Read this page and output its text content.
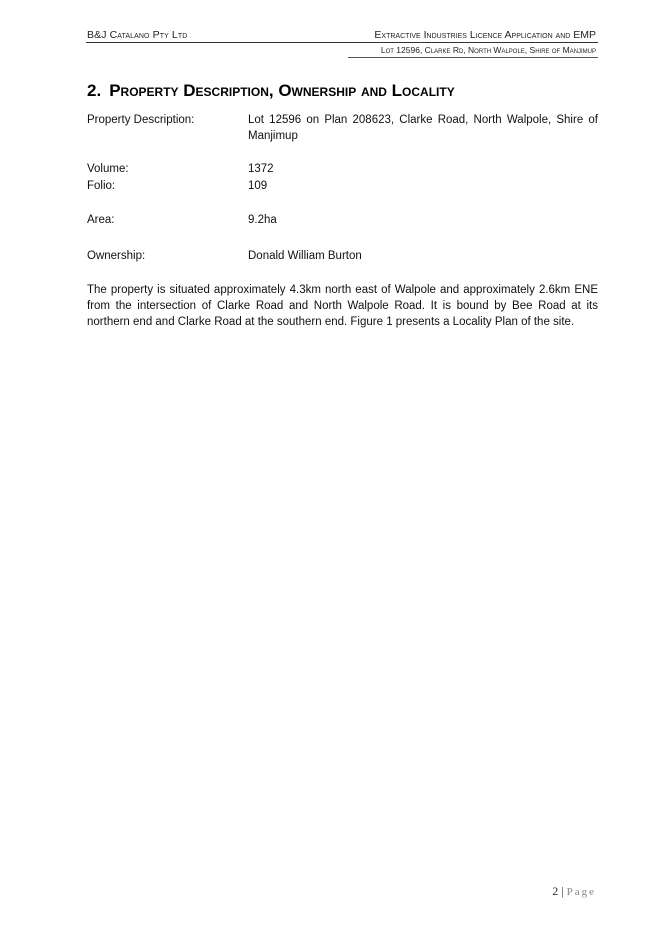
B&J Catalano Pty Ltd	Extractive Industries Licence Application and EMP
Lot 12596, Clarke Rd, North Walpole, Shire of Manjimup
2. Property Description, Ownership and Locality
Property Description:	Lot 12596 on Plan 208623, Clarke Road, North Walpole, Shire of Manjimup
Volume:	1372
Folio:	109
Area:	9.2ha
Ownership:	Donald William Burton
The property is situated approximately 4.3km north east of Walpole and approximately 2.6km ENE from the intersection of Clarke Road and North Walpole Road. It is bound by Bee Road at its northern end and Clarke Road at the southern end. Figure 1 presents a Locality Plan of the site.
2 | Page
